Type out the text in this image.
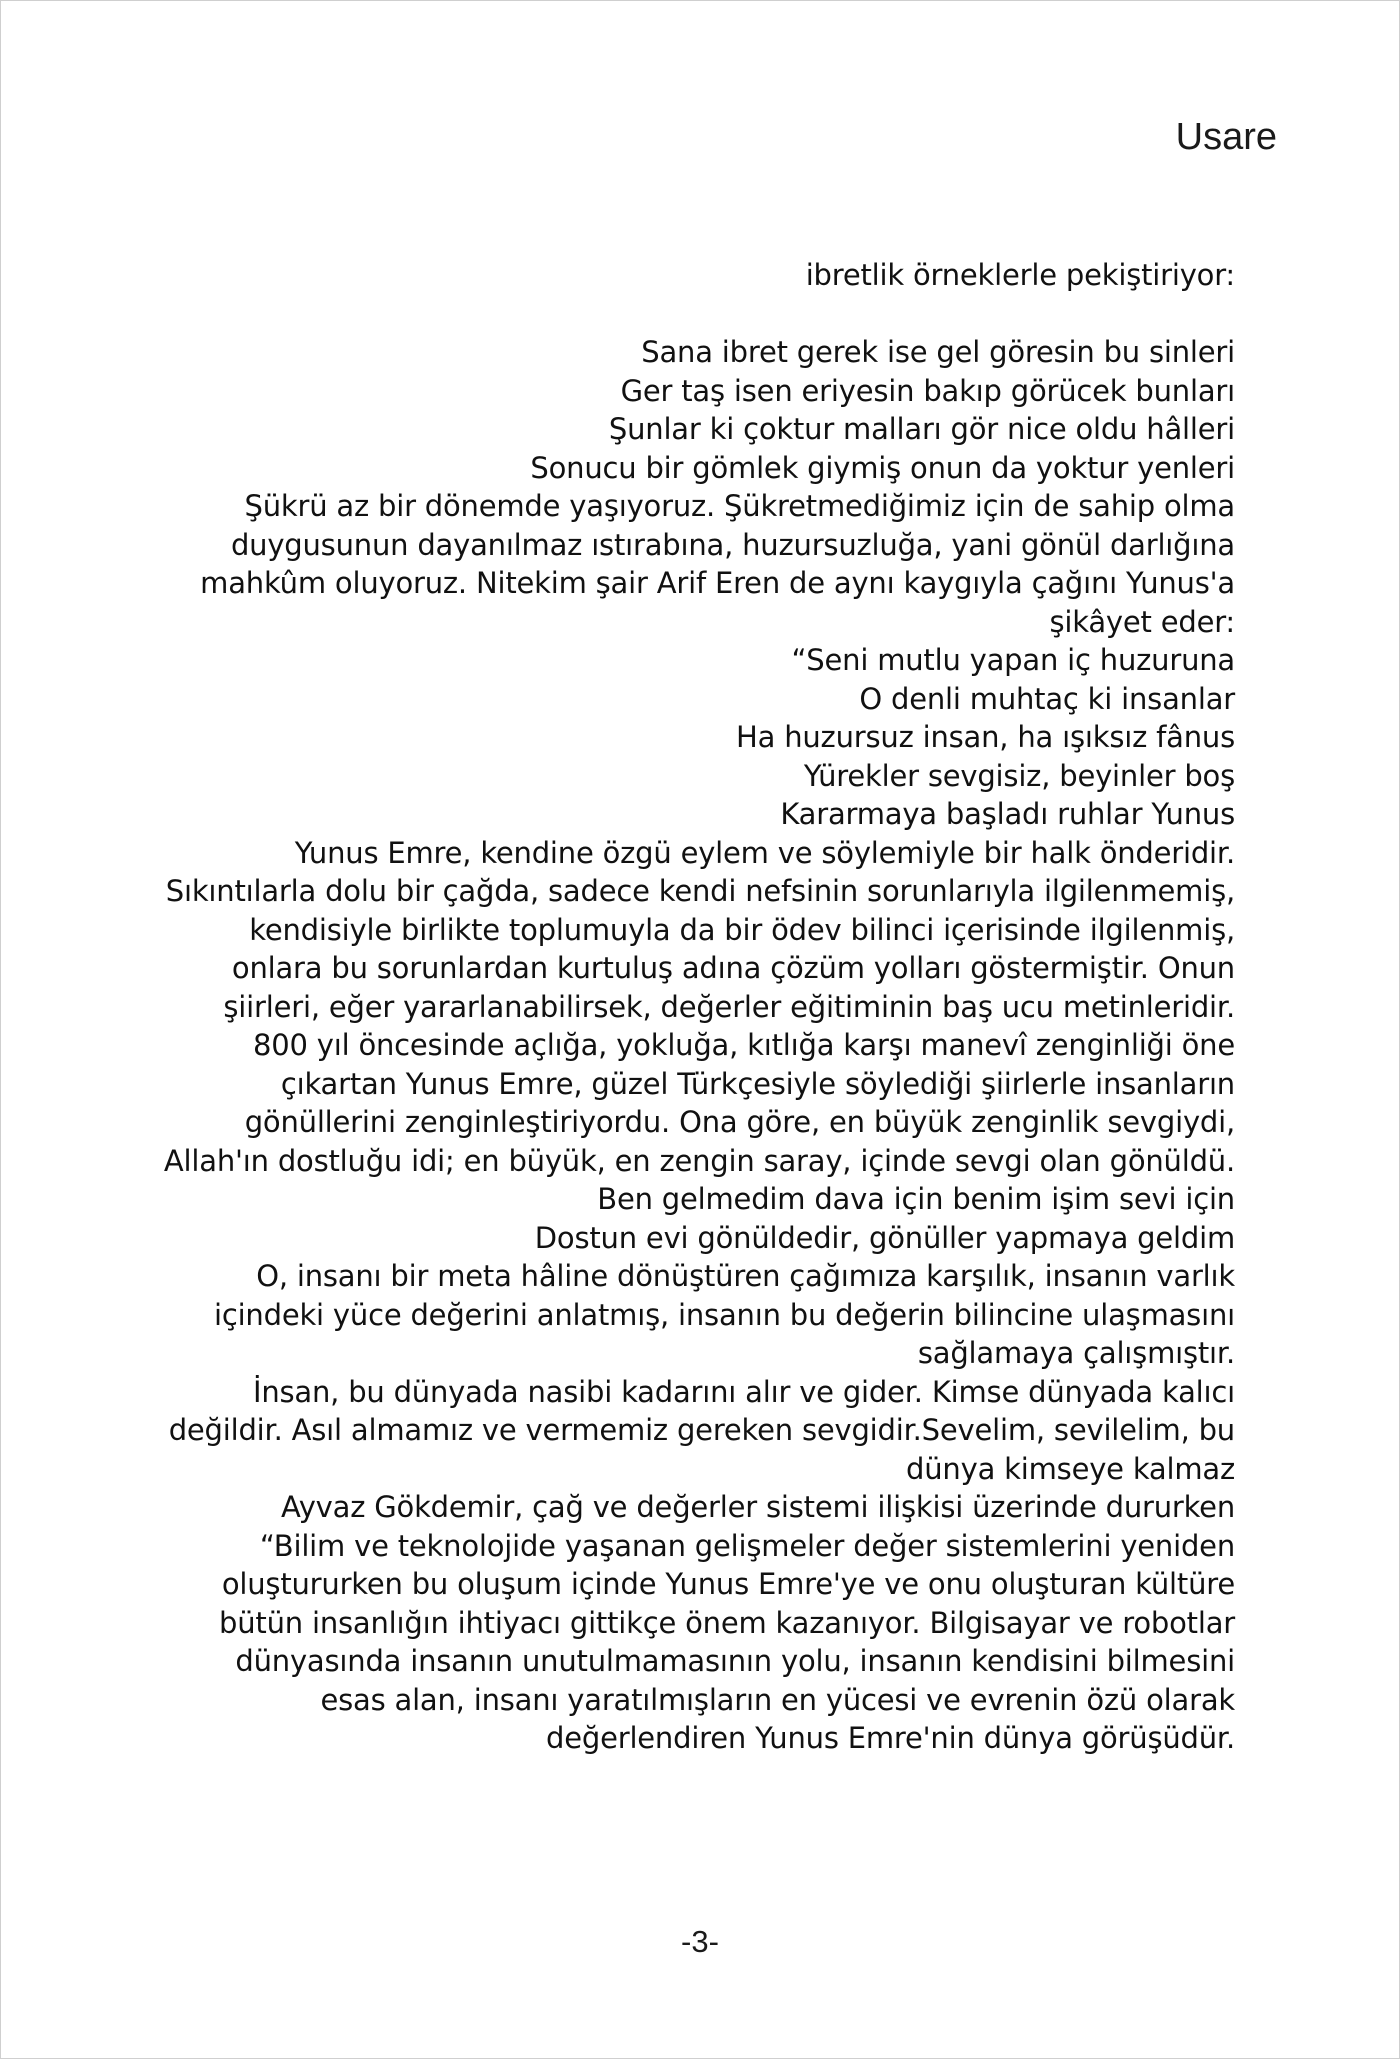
Usare
ibretlik örneklerle pekiştiriyor:
Sana ibret gerek ise gel göresin bu sinleri
Ger taş isen eriyesin bakıp görücek bunları
Şunlar ki çoktur malları gör nice oldu hâlleri
Sonucu bir gömlek giymiş onun da yoktur yenleri
Şükrü az bir dönemde yaşıyoruz. Şükretmediğimiz için de sahip olma
duygusunun dayanılmaz ıstırabına, huzursuzluğa, yani gönül darlığına
mahkûm oluyoruz. Nitekim şair Arif Eren de aynı kaygıyla çağını Yunus'a
şikâyet eder:
“Seni mutlu yapan iç huzuruna
O denli muhtaç ki insanlar
Ha huzursuz insan, ha ışıksız fânus
Yürekler sevgisiz, beyinler boş
Kararmaya başladı ruhlar Yunus
Yunus Emre, kendine özgü eylem ve söylemiyle bir halk önderidir.
Sıkıntılarla dolu bir çağda, sadece kendi nefsinin sorunlarıyla ilgilenmemiş,
kendisiyle birlikte toplumuyla da bir ödev bilinci içerisinde ilgilenmiş,
onlara bu sorunlardan kurtuluş adına çözüm yolları göstermiştir. Onun
şiirleri, eğer yararlanabilirsek, değerler eğitiminin baş ucu metinleridir.
800 yıl öncesinde açlığa, yokluğa, kıtlığa karşı manevî zenginliği öne
çıkartan Yunus Emre, güzel Türkçesiyle söylediği şiirlerle insanların
gönüllerini zenginleştiriyordu. Ona göre, en büyük zenginlik sevgiydi,
Allah'ın dostluğu idi; en büyük, en zengin saray, içinde sevgi olan gönüldü.
Ben gelmedim dava için benim işim sevi için
Dostun evi gönüldedir, gönüller yapmaya geldim
O, insanı bir meta hâline dönüştüren çağımıza karşılık, insanın varlık
içindeki yüce değerini anlatmış, insanın bu değerin bilincine ulaşmasını
sağlamaya çalışmıştır.
İnsan, bu dünyada nasibi kadarını alır ve gider. Kimse dünyada kalıcı
değildir. Asıl almamız ve vermemiz gereken sevgidir.Sevelim, sevilelim, bu
dünya kimseye kalmaz
Ayvaz Gökdemir, çağ ve değerler sistemi ilişkisi üzerinde dururken
“Bilim ve teknolojide yaşanan gelişmeler değer sistemlerini yeniden
oluştururken bu oluşum içinde Yunus Emre'ye ve onu oluşturan kültüre
bütün insanlığın ihtiyacı gittikçe önem kazanıyor. Bilgisayar ve robotlar
dünyasında insanın unutulmamasının yolu, insanın kendisini bilmesini
esas alan, insanı yaratılmışların en yücesi ve evrenin özü olarak
değerlendiren Yunus Emre'nin dünya görüşüdür.
-3-
